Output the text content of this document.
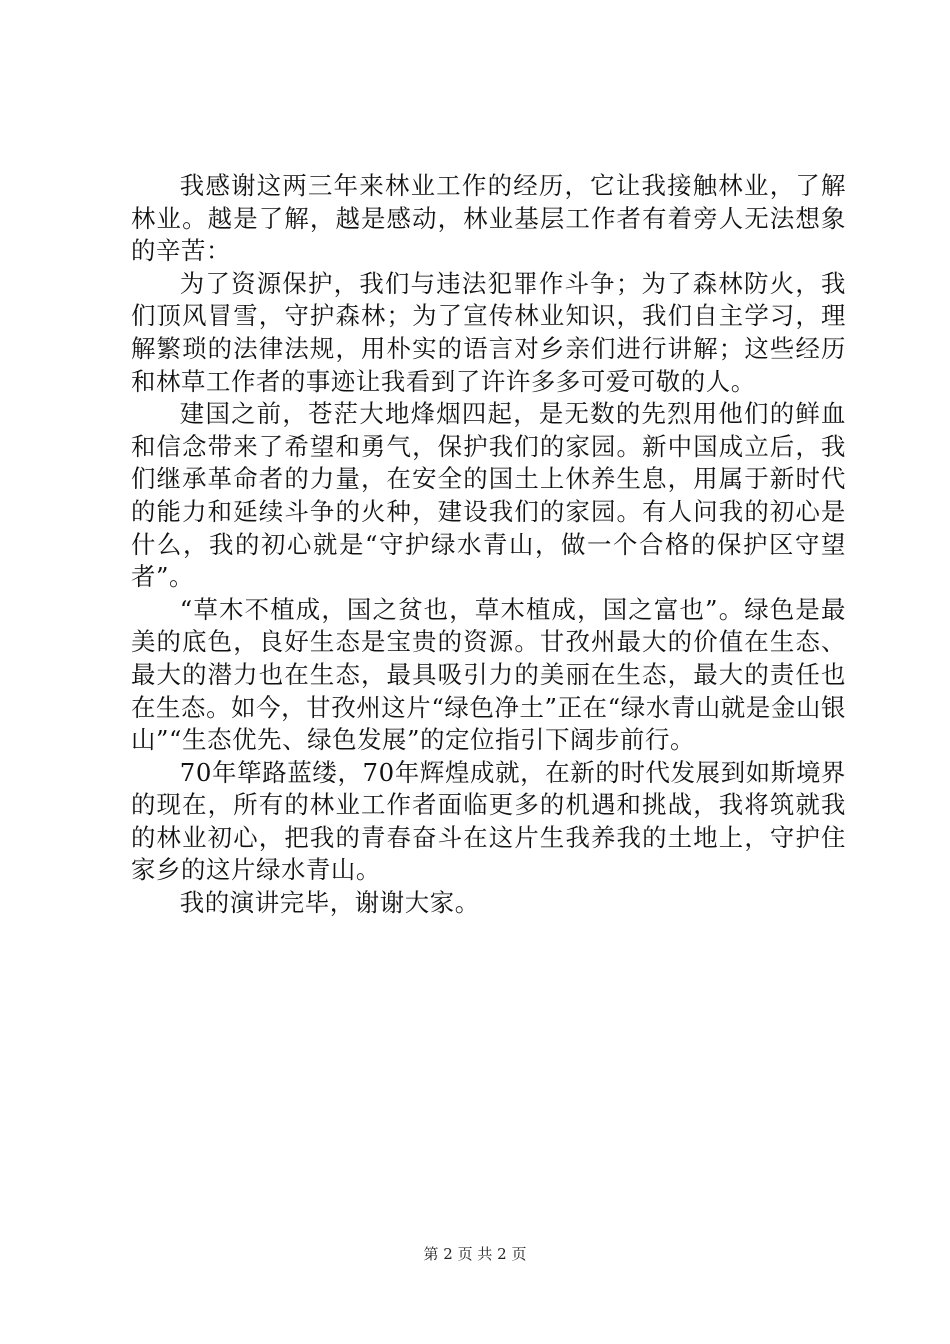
我感谢这两三年来林业工作的经历，它让我接触林业，了解林业。越是了解，越是感动，林业基层工作者有着旁人无法想象的辛苦：

为了资源保护，我们与违法犯罪作斗争；为了森林防火，我们顶风冒雪，守护森林；为了宣传林业知识，我们自主学习，理解繁琐的法律法规，用朴实的语言对乡亲们进行讲解；这些经历和林草工作者的事迹让我看到了许许多多可爱可敬的人。

建国之前，苍茫大地烽烟四起，是无数的先烈用他们的鲜血和信念带来了希望和勇气，保护我们的家园。新中国成立后，我们继承革命者的力量，在安全的国土上休养生息，用属于新时代的能力和延续斗争的火种，建设我们的家园。有人问我的初心是什么，我的初心就是“守护绿水青山，做一个合格的保护区守望者”。

“草木不植成，国之贫也，草木植成，国之富也”。绿色是最美的底色，良好生态是宝贵的资源。甘孜州最大的价值在生态、最大的潜力也在生态，最具吸引力的美丽在生态，最大的责任也在生态。如今，甘孜州这片“绿色净土”正在“绿水青山就是金山银山”“生态优先、绿色发展”的定位指引下阔步前行。

70年筚路蓝缕，70年辉煌成就，在新的时代发展到如斯境界的现在，所有的林业工作者面临更多的机遇和挑战，我将筑就我的林业初心，把我的青春奋斗在这片生我养我的土地上，守护住家乡的这片绿水青山。

我的演讲完毕，谢谢大家。

第 2 页 共 2 页
